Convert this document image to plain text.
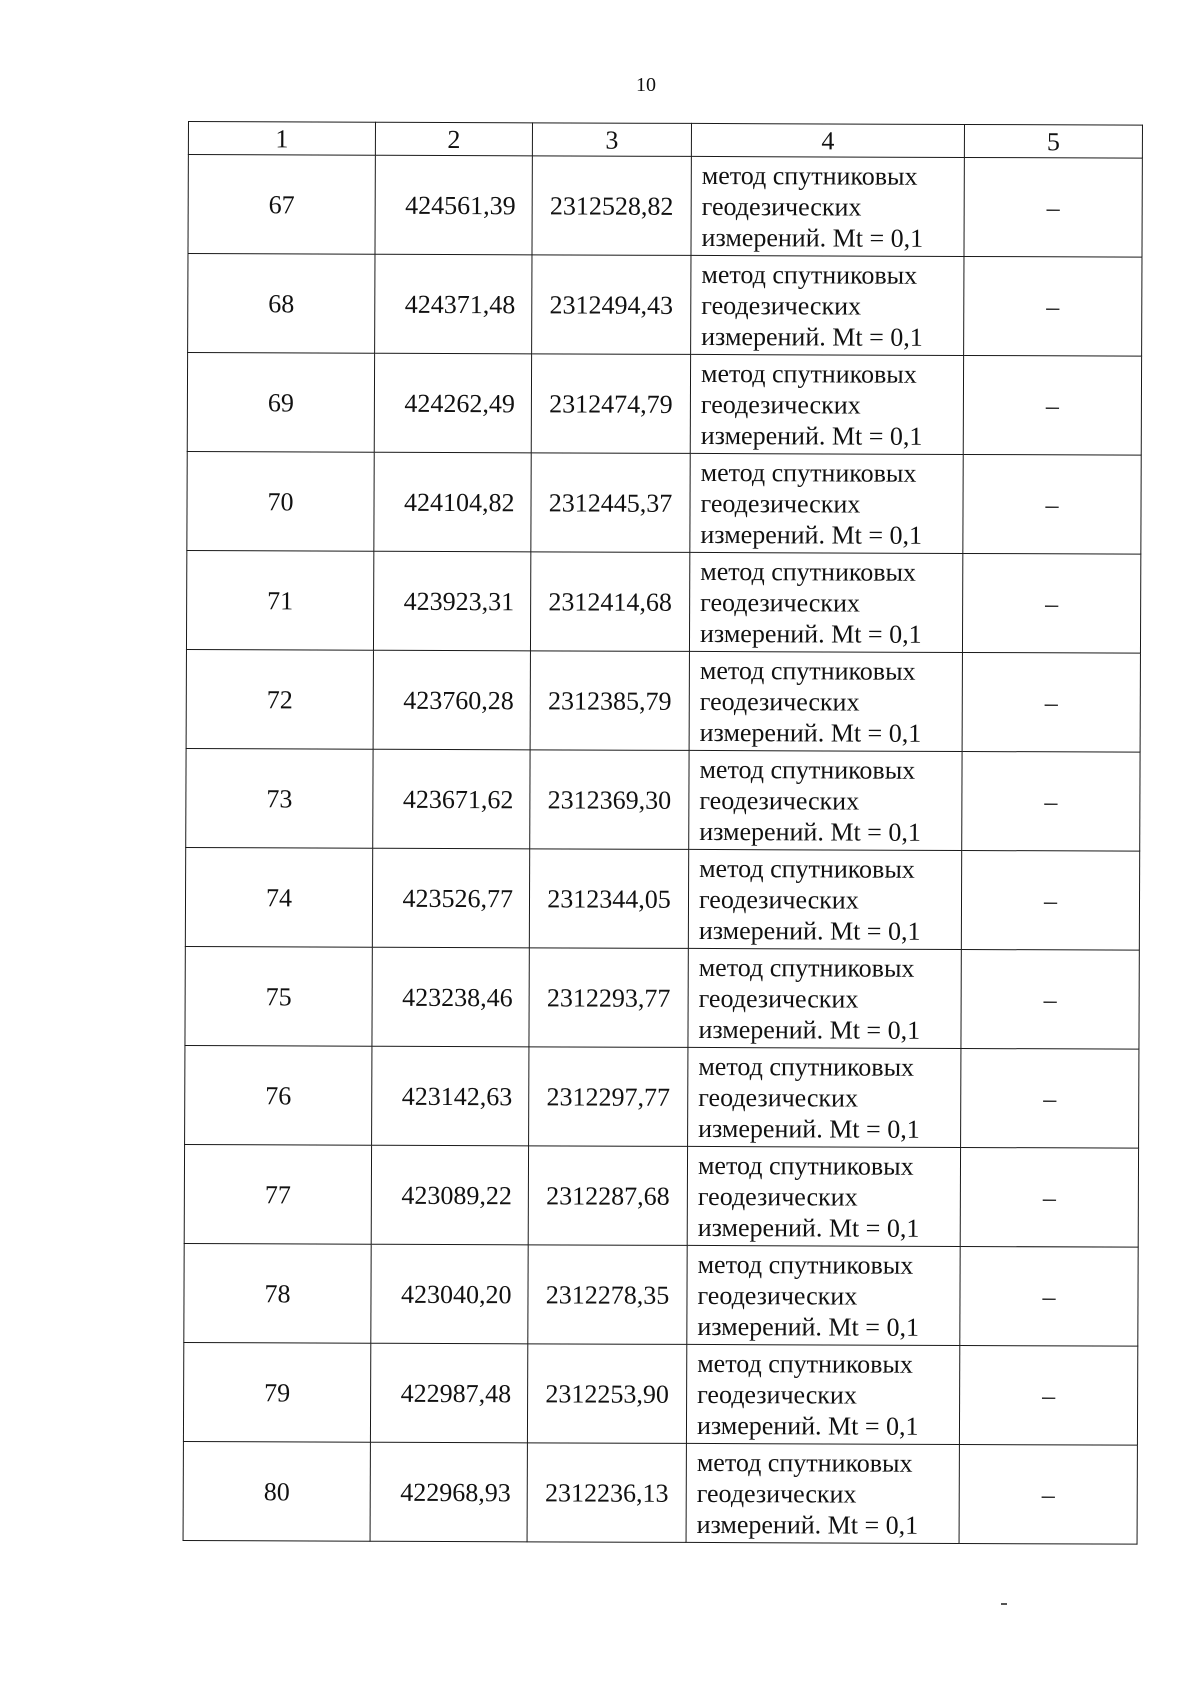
10
1	2	3	4	5
67	424561,39	2312528,82	метод спутниковых
геодезических
измерений. Mt = 0,1	–
68	424371,48	2312494,43	метод спутниковых
геодезических
измерений. Mt = 0,1	–
69	424262,49	2312474,79	метод спутниковых
геодезических
измерений. Mt = 0,1	–
70	424104,82	2312445,37	метод спутниковых
геодезических
измерений. Mt = 0,1	–
71	423923,31	2312414,68	метод спутниковых
геодезических
измерений. Mt = 0,1	–
72	423760,28	2312385,79	метод спутниковых
геодезических
измерений. Mt = 0,1	–
73	423671,62	2312369,30	метод спутниковых
геодезических
измерений. Mt = 0,1	–
74	423526,77	2312344,05	метод спутниковых
геодезических
измерений. Mt = 0,1	–
75	423238,46	2312293,77	метод спутниковых
геодезических
измерений. Mt = 0,1	–
76	423142,63	2312297,77	метод спутниковых
геодезических
измерений. Mt = 0,1	–
77	423089,22	2312287,68	метод спутниковых
геодезических
измерений. Mt = 0,1	–
78	423040,20	2312278,35	метод спутниковых
геодезических
измерений. Mt = 0,1	–
79	422987,48	2312253,90	метод спутниковых
геодезических
измерений. Mt = 0,1	–
80	422968,93	2312236,13	метод спутниковых
геодезических
измерений. Mt = 0,1	–
